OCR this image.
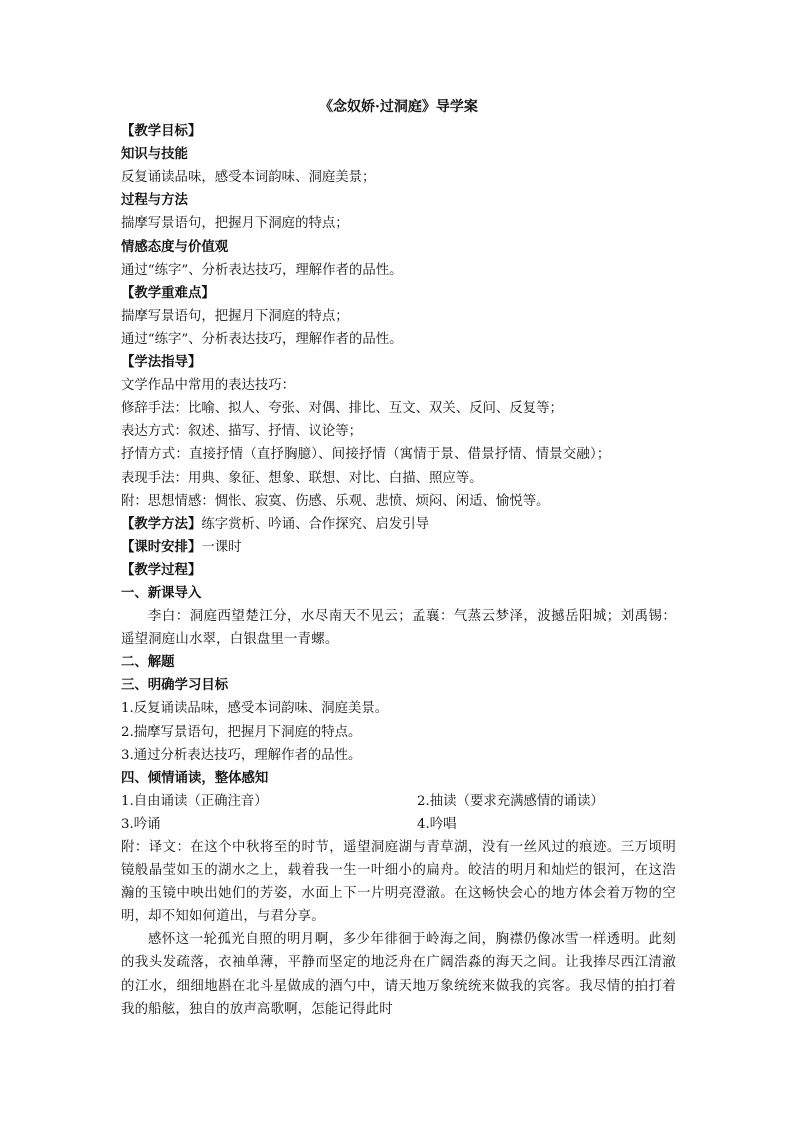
《念奴娇·过洞庭》导学案
【教学目标】
知识与技能
反复诵读品味，感受本词韵味、洞庭美景；
过程与方法
揣摩写景语句，把握月下洞庭的特点；
情感态度与价值观
通过“练字”、分析表达技巧，理解作者的品性。
【教学重难点】
揣摩写景语句，把握月下洞庭的特点；
通过“练字”、分析表达技巧，理解作者的品性。
【学法指导】
文学作品中常用的表达技巧：
修辞手法：比喻、拟人、夸张、对偶、排比、互文、双关、反问、反复等；
表达方式：叙述、描写、抒情、议论等；
抒情方式：直接抒情（直抒胸臆）、间接抒情（寓情于景、借景抒情、情景交融）；
表现手法：用典、象征、想象、联想、对比、白描、照应等。
附：思想情感：惆怅、寂寞、伤感、乐观、悲愤、烦闷、闲适、愉悦等。
【教学方法】练字赏析、吟诵、合作探究、启发引导
【课时安排】一课时
【教学过程】
一、新课导入
李白：洞庭西望楚江分，水尽南天不见云；孟襄：气蒸云梦泽，波撼岳阳城；刘禹锡：遥望洞庭山水翠，白银盘里一青螺。
二、解题
三、明确学习目标
1.反复诵读品味，感受本词韵味、洞庭美景。
2.揣摩写景语句，把握月下洞庭的特点。
3.通过分析表达技巧，理解作者的品性。
四、倾情诵读，整体感知
1.自由诵读（正确注音）	2.抽读（要求充满感情的诵读）
3.吟诵	4.吟唱
附：译文：在这个中秋将至的时节，遥望洞庭湖与青草湖，没有一丝风过的痕迹。三万顷明镜般晶莹如玉的湖水之上，载着我一生一叶细小的扁舟。皎洁的明月和灿烂的银河，在这浩瀚的玉镜中映出她们的芳姿，水面上下一片明亮澄澈。在这畅快会心的地方体会着万物的空明，却不知如何道出，与君分享。
感怀这一轮孤光自照的明月啊，多少年徘徊于岭海之间，胸襟仍像冰雪一样透明。此刻的我头发疏落，衣袖单薄，平静而坚定的地泛舟在广阔浩淼的海天之间。让我捧尽西江清澈的江水，细细地斟在北斗星做成的酒勺中，请天地万象统统来做我的宾客。我尽情的拍打着我的船舷，独自的放声高歌啊，怎能记得此时
